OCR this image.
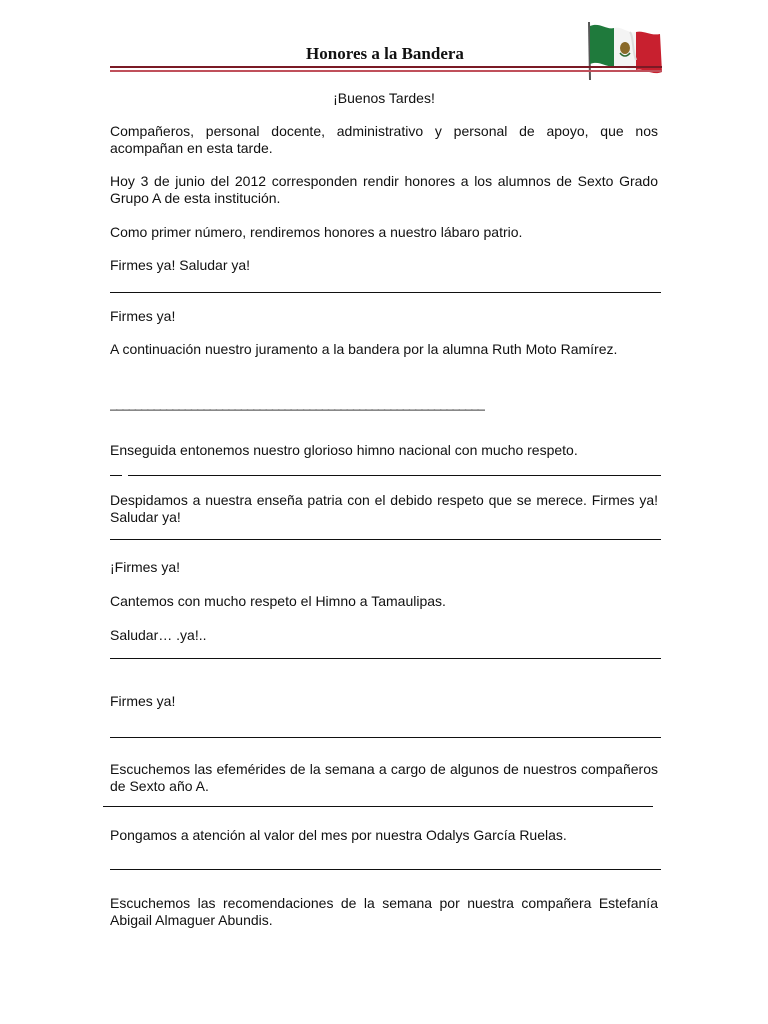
Honores a la Bandera

¡Buenos Tardes!

Compañeros, personal docente, administrativo y personal de apoyo, que nos acompañan en esta tarde.

Hoy 3 de junio del 2012 corresponden rendir honores a los alumnos de Sexto Grado Grupo A de esta institución.

Como primer número, rendiremos honores a nuestro lábaro patrio.

Firmes ya! Saludar ya!

Firmes ya!

A continuación nuestro juramento a la bandera por la alumna Ruth Moto Ramírez.

____________________________________________________________

Enseguida entonemos nuestro glorioso himno nacional con mucho respeto.

Despidamos a nuestra enseña patria con el debido respeto que se merece. Firmes ya! Saludar ya!

¡Firmes ya!

Cantemos con mucho respeto el Himno a Tamaulipas.

Saludar… .ya!..

Firmes ya!

Escuchemos las efemérides de la semana a cargo de algunos de nuestros compañeros de Sexto año A.

Pongamos a atención al valor del mes por nuestra Odalys García Ruelas.

Escuchemos las recomendaciones de la semana por nuestra compañera Estefanía Abigail Almaguer Abundis.
